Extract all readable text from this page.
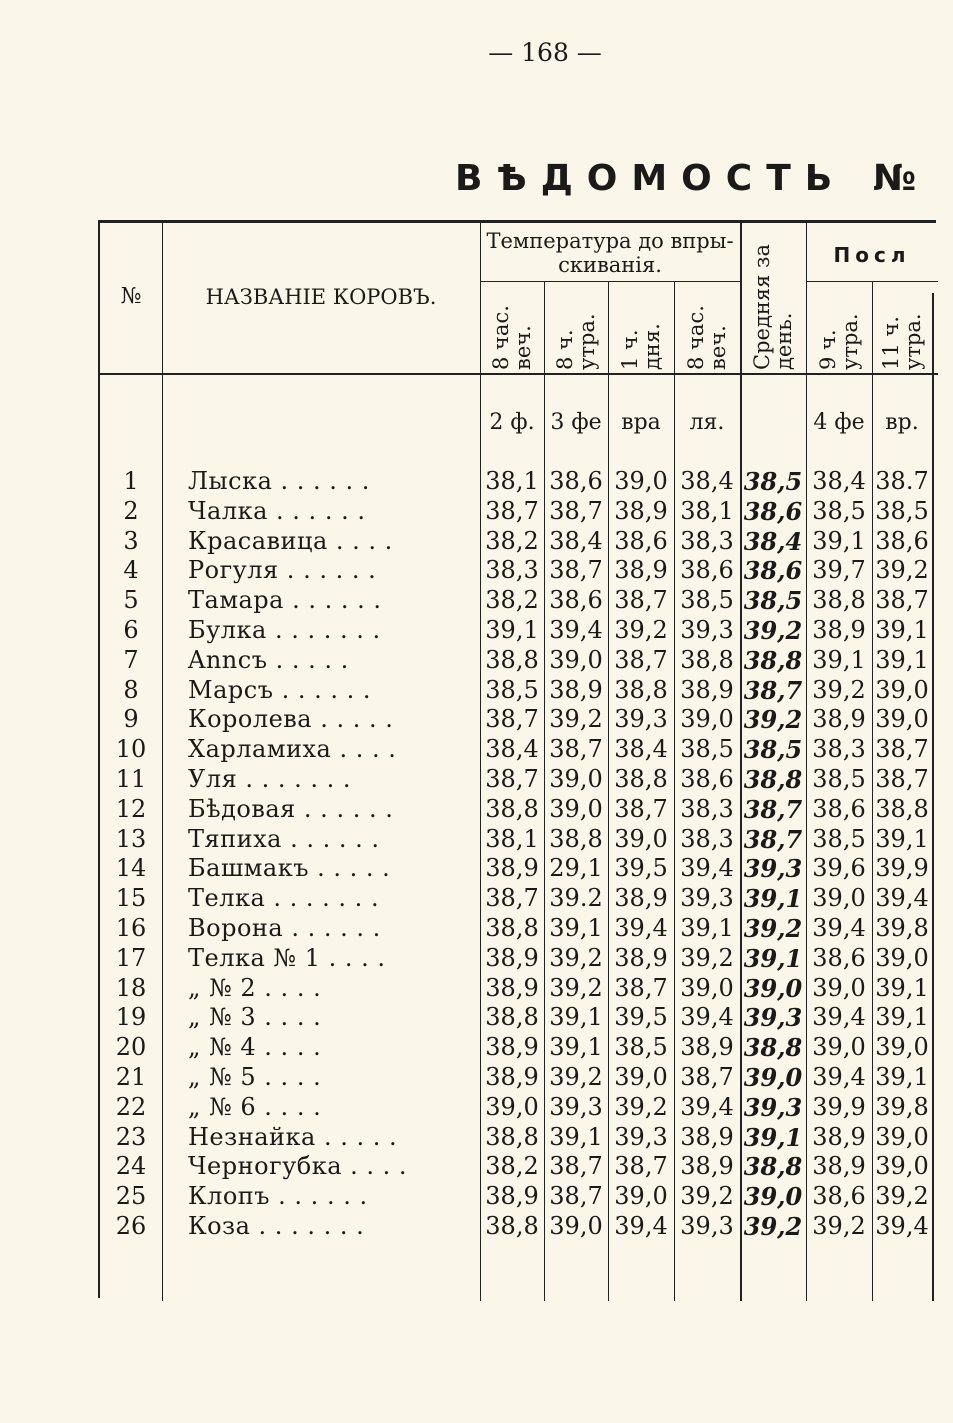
— 168 —
ВѢДОМОСТЬ №
№	НАЗВАНІЕ КОРОВЪ.
Температура до впры-
скиванія.	Посл
8 час. веч. 8 ч. утра. 1 ч. дня. 8 час. веч. Средняя за день. 9 ч. утра. 11 ч. утра.
2 ф. 3 фе вра	ля.	4 фе вр.
1	Лыска . . . . . .	38,1 38,6 39,0 38,4 38,5 38,4 38.7
2	Чалка . . . . . .	38,7 38,7 38,9 38,1 38,6 38,5 38,5
3	Красавица . . . .	38,2 38,4 38,6 38,3 38,4 39,1 38,6
4	Рогуля . . . . . .	38,3 38,7 38,9 38,6 38,6 39,7 39,2
5	Тамара . . . . . .	38,2 38,6 38,7 38,5 38,5 38,8 38,7
6	Булка . . . . . . .	39,1 39,4 39,2 39,3 39,2 38,9 39,1
7	Annсъ . . . . .	38,8 39,0 38,7 38,8 38,8 39,1 39,1
8	Марсъ . . . . . .	38,5 38,9 38,8 38,9 38,7 39,2 39,0
9	Королева . . . . .	38,7 39,2 39,3 39,0 39,2 38,9 39,0
10	Харламиха . . . .	38,4 38,7 38,4 38,5 38,5 38,3 38,7
11	Уля . . . . . . .	38,7 39,0 38,8 38,6 38,8 38,5 38,7
12	Бѣдовая . . . . . .	38,8 39,0 38,7 38,3 38,7 38,6 38,8
13	Тяпиха . . . . . .	38,1 38,8 39,0 38,3 38,7 38,5 39,1
14	Башмакъ . . . . .	38,9 29,1 39,5 39,4 39,3 39,6 39,9
15	Телка . . . . . . .	38,7 39.2 38,9 39,3 39,1 39,0 39,4
16	Ворона . . . . . .	38,8 39,1 39,4 39,1 39,2 39,4 39,8
17	Телка № 1 . . . .	38,9 39,2 38,9 39,2 39,1 38,6 39,0
18	„ № 2 . . . .	38,9 39,2 38,7 39,0 39,0 39,0 39,1
19	„ № 3 . . . .	38,8 39,1 39,5 39,4 39,3 39,4 39,1
20	„ № 4 . . . .	38,9 39,1 38,5 38,9 38,8 39,0 39,0
21	„ № 5 . . . .	38,9 39,2 39,0 38,7 39,0 39,4 39,1
22	„ № 6 . . . .	39,0 39,3 39,2 39,4 39,3 39,9 39,8
23	Незнайка . . . . .	38,8 39,1 39,3 38,9 39,1 38,9 39,0
24	Черногубка . . . .	38,2 38,7 38,7 38,9 38,8 38,9 39,0
25	Клопъ . . . . . .	38,9 38,7 39,0 39,2 39,0 38,6 39,2
26	Коза . . . . . . .	38,8 39,0 39,4 39,3 39,2 39,2 39,4
